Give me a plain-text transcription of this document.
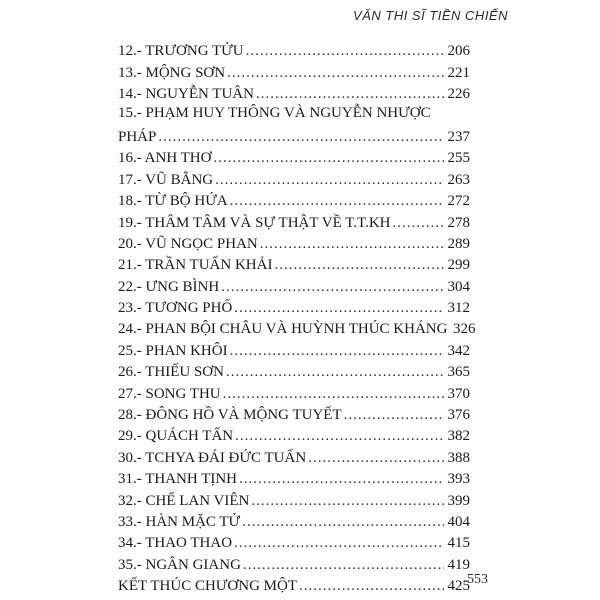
VĂN THI SĨ TIỀN CHIẾN
12.- TRƯƠNG TỬU .....	206
13.- MỘNG SƠN .....	221
14.- NGUYỄN TUÂN .....	226
15.- PHẠM HUY THÔNG VÀ NGUYỄN NHƯỢC
PHÁP .....	237
16.- ANH THƠ .....	255
17.- VŨ BẰNG .....	263
18.- TỪ BỘ HỨA .....	272
19.- THÂM TÂM VÀ SỰ THẬT VỀ T.T.KH .....	278
20.- VŨ NGỌC PHAN .....	289
21.- TRẦN TUẤN KHẢI .....	299
22.- ƯNG BÌNH .....	304
23.- TƯƠNG PHỐ .....	312
24.- PHAN BỘI CHÂU VÀ HUỲNH THÚC KHÁNG 326
25.- PHAN KHÔI .....	342
26.- THIẾU SƠN .....	365
27.- SONG THU .....	370
28.- ĐÔNG HỒ VÀ MỘNG TUYẾT .....	376
29.- QUÁCH TẤN .....	382
30.- TCHYA ĐÁI ĐỨC TUẤN .....	388
31.- THANH TỊNH .....	393
32.- CHẾ LAN VIÊN .....	399
33.- HÀN MẶC TỬ .....	404
34.- THAO THAO .....	415
35.- NGÂN GIANG .....	419
KẾT THÚC CHƯƠNG MỘT .....	425
553
